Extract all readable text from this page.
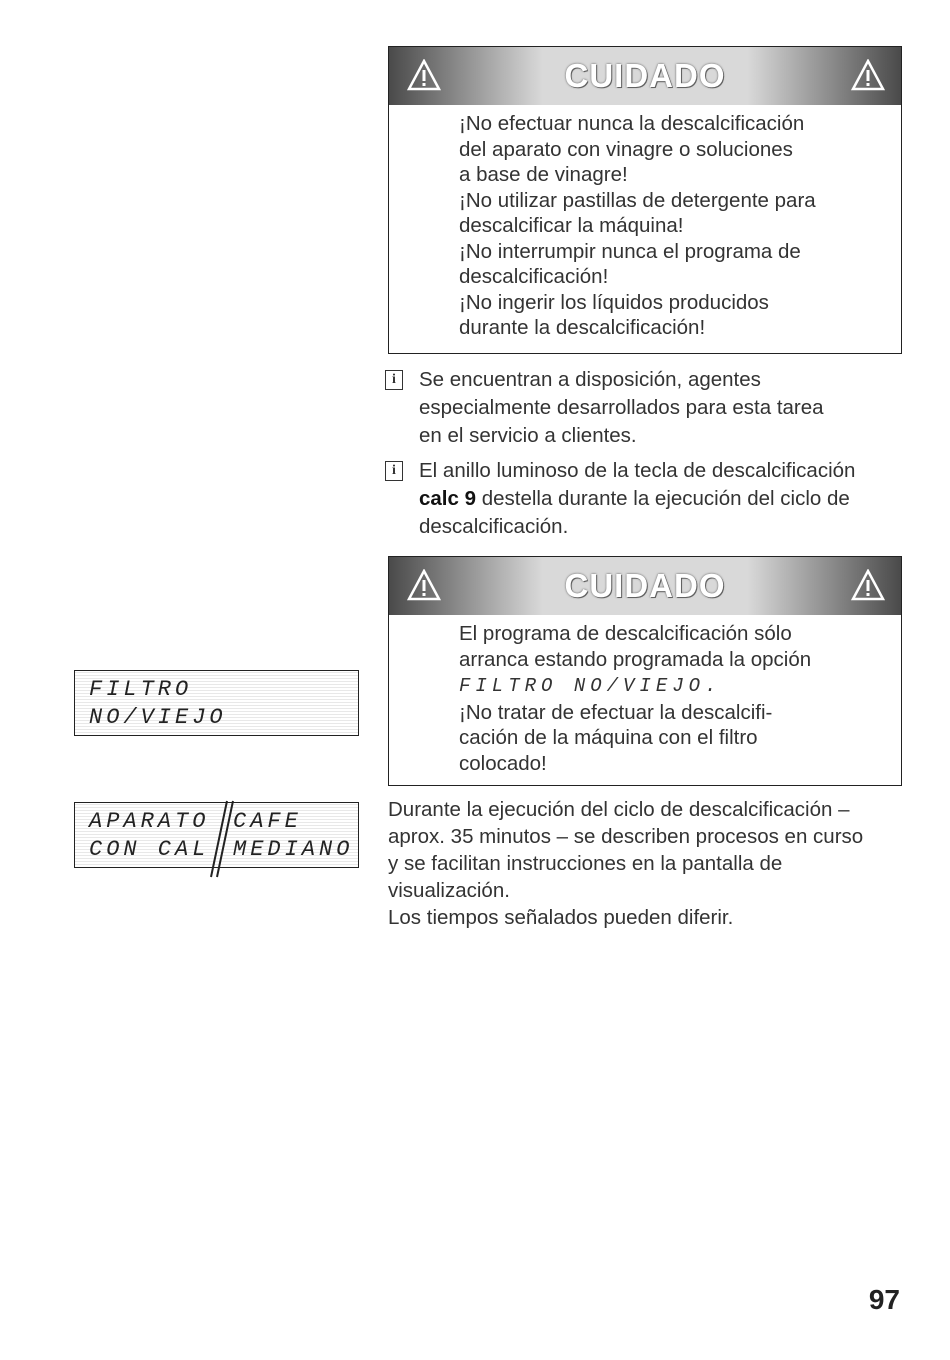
CUIDADO

¡No efectuar nunca la descalcificación

del aparato con vinagre o soluciones

a base de vinagre!

¡No utilizar pastillas de detergente para

descalcificar la máquina!

¡No interrumpir nunca el programa de

descalcificación!

¡No ingerir los líquidos producidos

durante la descalcificación!

i	Se encuentran a disposición, agentes
especialmente desarrollados para esta tarea
en el servicio a clientes.
i	El anillo luminoso de la tecla de descalcificación
calc 9 destella durante la ejecución del ciclo de
descalcificación.
CUIDADO

El programa de descalcificación sólo

arranca estando programada la opción

FILTRO NO/VIEJO.

¡No tratar de efectuar la descalcifi-

cación de la máquina con el filtro

colocado!

FILTRO
NO/VIEJO
APARATO
CON CAL
CAFE
MEDIANO

Durante la ejecución del ciclo de descalcificación –

aprox. 35 minutos – se describen procesos en curso

y se facilitan instrucciones en la pantalla de

visualización.

Los tiempos señalados pueden diferir.

97
